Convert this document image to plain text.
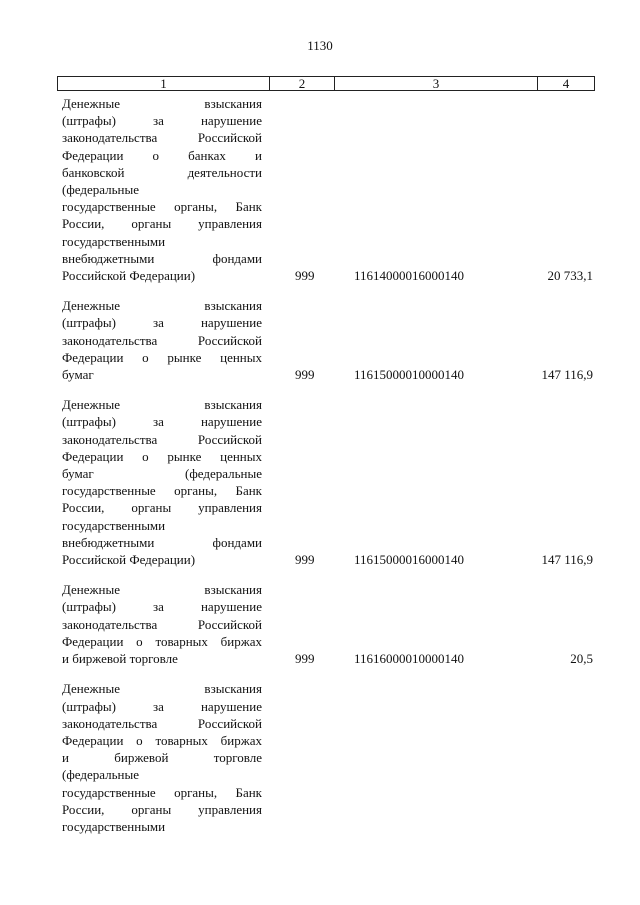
1130
1	2	3	4
Денежные взыскания
(штрафы) за нарушение
законодательства Российской
Федерации о банках и
банковской деятельности
(федеральные
государственные органы, Банк
России, органы управления
государственными
внебюджетными фондами
Российской Федерации)	999	11614000016000140	20 733,1
Денежные взыскания
(штрафы) за нарушение
законодательства Российской
Федерации о рынке ценных
бумаг	999	11615000010000140	147 116,9
Денежные взыскания
(штрафы) за нарушение
законодательства Российской
Федерации о рынке ценных
бумаг (федеральные
государственные органы, Банк
России, органы управления
государственными
внебюджетными фондами
Российской Федерации)	999	11615000016000140	147 116,9
Денежные взыскания
(штрафы) за нарушение
законодательства Российской
Федерации о товарных биржах
и биржевой торговле	999	11616000010000140	20,5
Денежные взыскания
(штрафы) за нарушение
законодательства Российской
Федерации о товарных биржах
и биржевой торговле
(федеральные
государственные органы, Банк
России, органы управления
государственными
